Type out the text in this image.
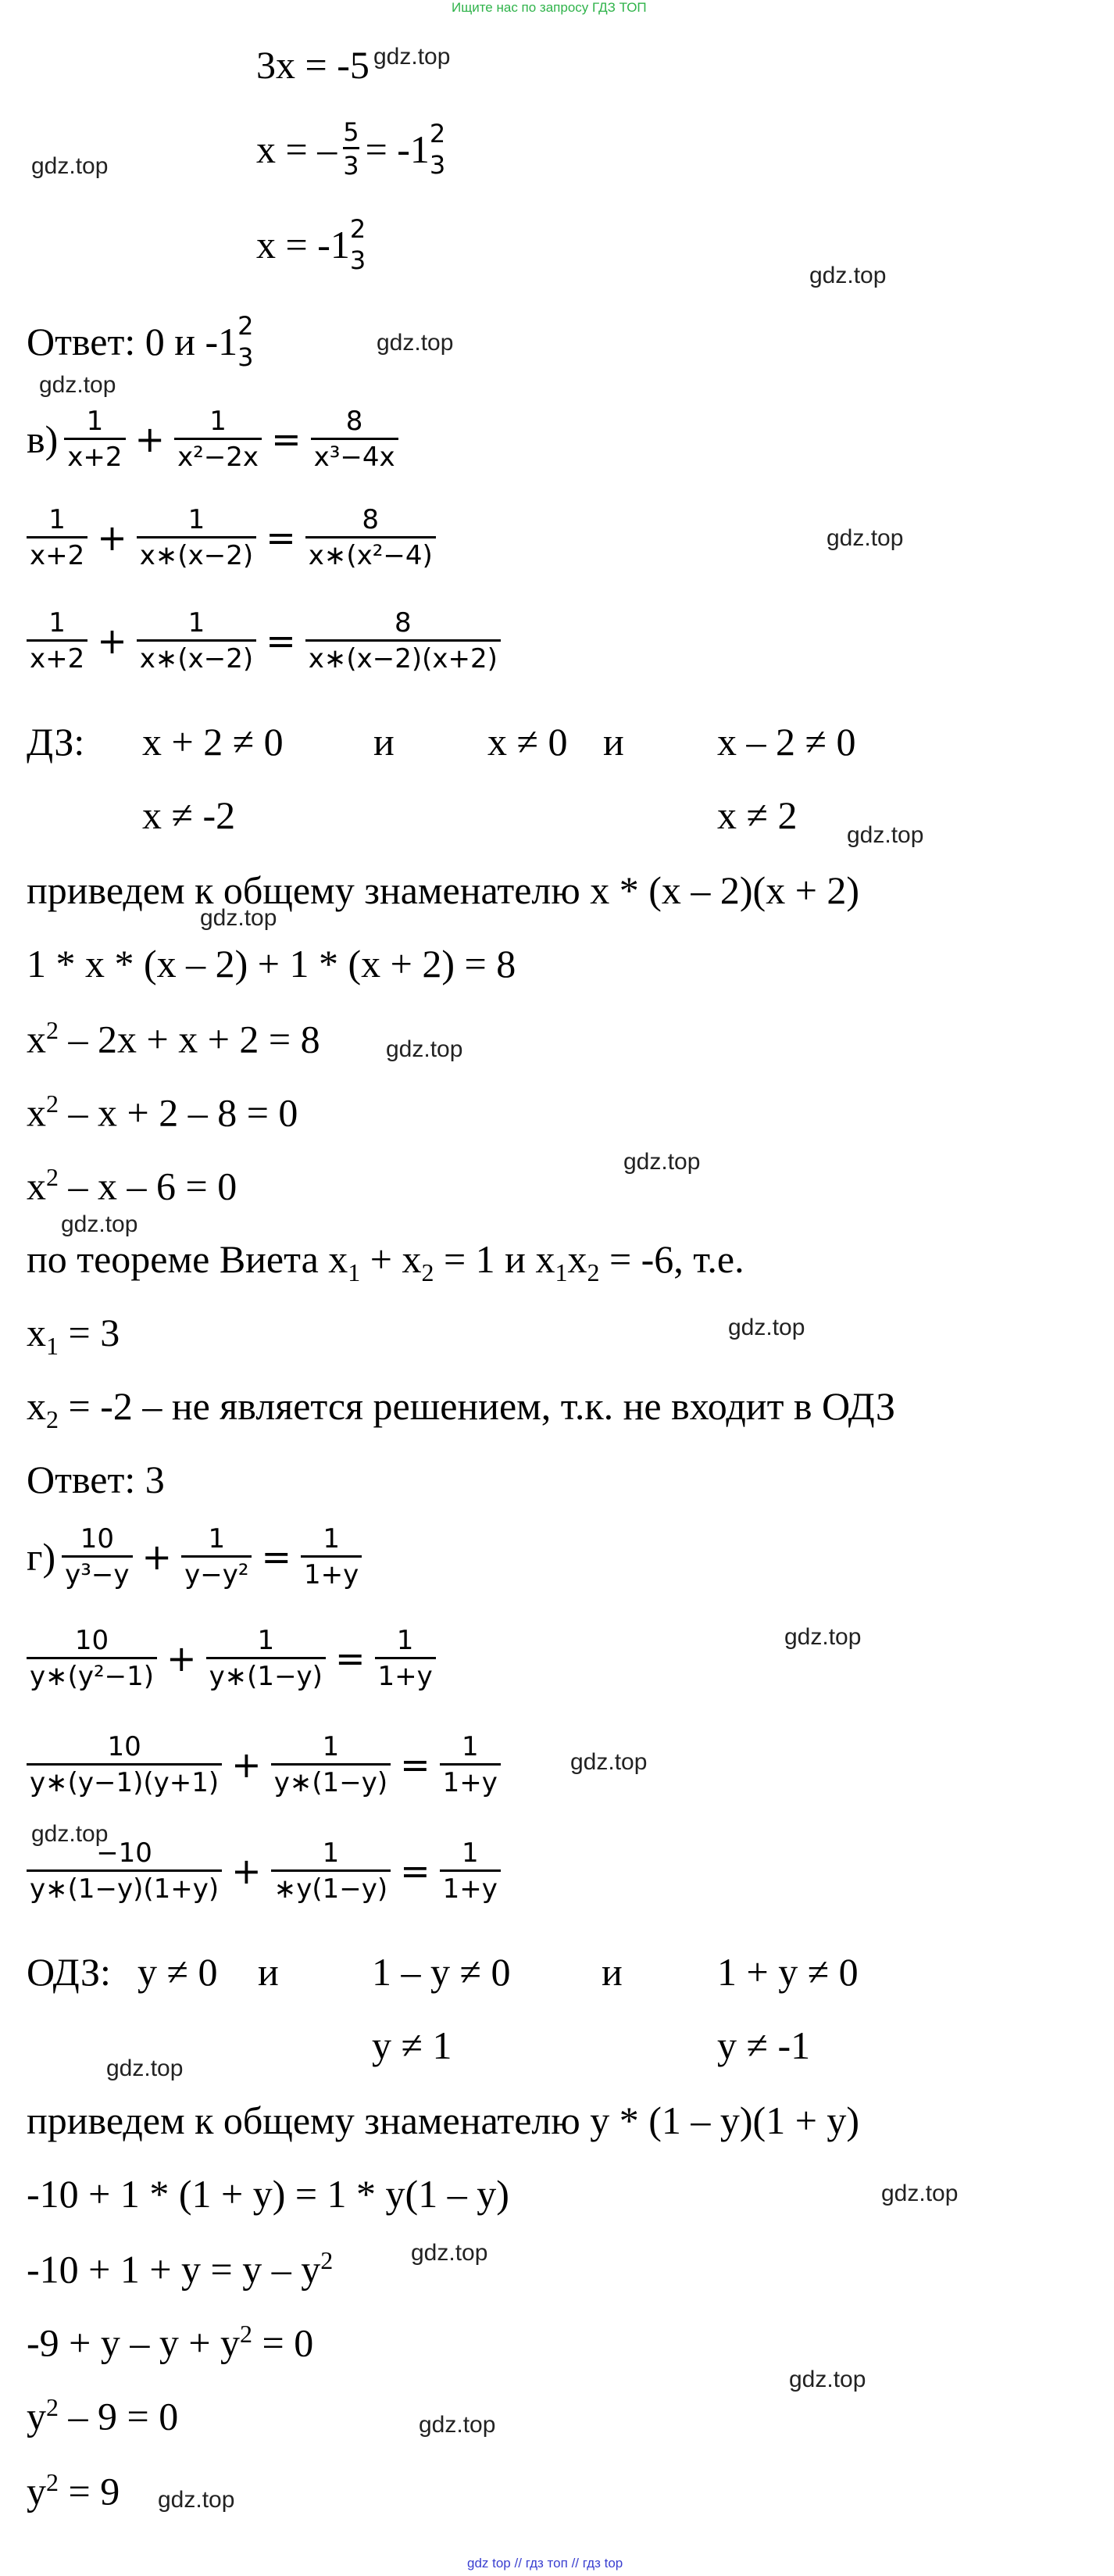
Ищите нас по запросу ГДЗ ТОП
gdz.top
gdz.top
gdz.top
gdz.top
gdz.top
gdz.top
gdz.top
gdz.top
gdz.top
gdz.top
gdz.top
gdz.top
gdz.top
gdz.top
gdz.top
gdz.top
gdz.top
gdz.top
gdz.top
gdz.top
gdz.top
3x = -5
x = – $\frac{5}{3} = -1$ 2
3
x = -1 2
3
Ответ: 0 и -1 2
3
$в) \frac{1}{x+2} + \frac{1}{\text{x²−2x}} = \frac{8}{\text{x³−4x}}$
$\frac{1}{x+2} + \frac{1}{x∗(x-2)} = \frac{8}{\text{x∗(x²−4)}}$
$\frac{1}{x+2} + \frac{1}{x∗(x-2)} = \frac{8}{x∗(x-2)(x+2)}$
ДЗ: x + 2 ≠ 0 и x ≠ 0 и x – 2 ≠ 0
x ≠ -2	x ≠ 2
приведем к общему знаменателю x * (x – 2)(x + 2)
1 * x * (x – 2) + 1 * (x + 2) = 8
$x^2 - 2x + x + 2 = 8$
$x^2 - x + 2 - 8 = 0$
$x^2 - x - 6 = 0$
по теореме Виета $x_1 + x_2 = 1$ и $x_1x_2 = -6$, т.е.
$x_1 = 3$
$x_2 = -2$ – не является решением, т.к. не входит в ОДЗ
Ответ: 3
$г) \frac{10}{\text{y³−y}} + \frac{1}{\text{y−y²}} = \frac{1}{1+y}$
$\frac{10}{\text{y∗(y²−1)}} + \frac{1}{y∗(1-y)} = \frac{1}{1+y}$
$\frac{10}{y∗(y-1)(y+1)} + \frac{1}{y∗(1-y)} = \frac{1}{1+y}$
$\frac{-10}{y∗(1-y)(1+y)} + \frac{1}{∗y(1-y)} = \frac{1}{1+y}$
ОДЗ: y ≠ 0 и 1 – y ≠ 0 и 1 + y ≠ 0
y ≠ 1	y ≠ -1
приведем к общему знаменателю y * (1 – y)(1 + y)
-10 + 1 * (1 + y) = 1 * y(1 – y)
$-10 + 1 + y = y - y^2$
$-9 + y - y + y^2 = 0$
$y^2 - 9 = 0$
$y^2 = 9$
gdz top // гдз топ // гдз top
